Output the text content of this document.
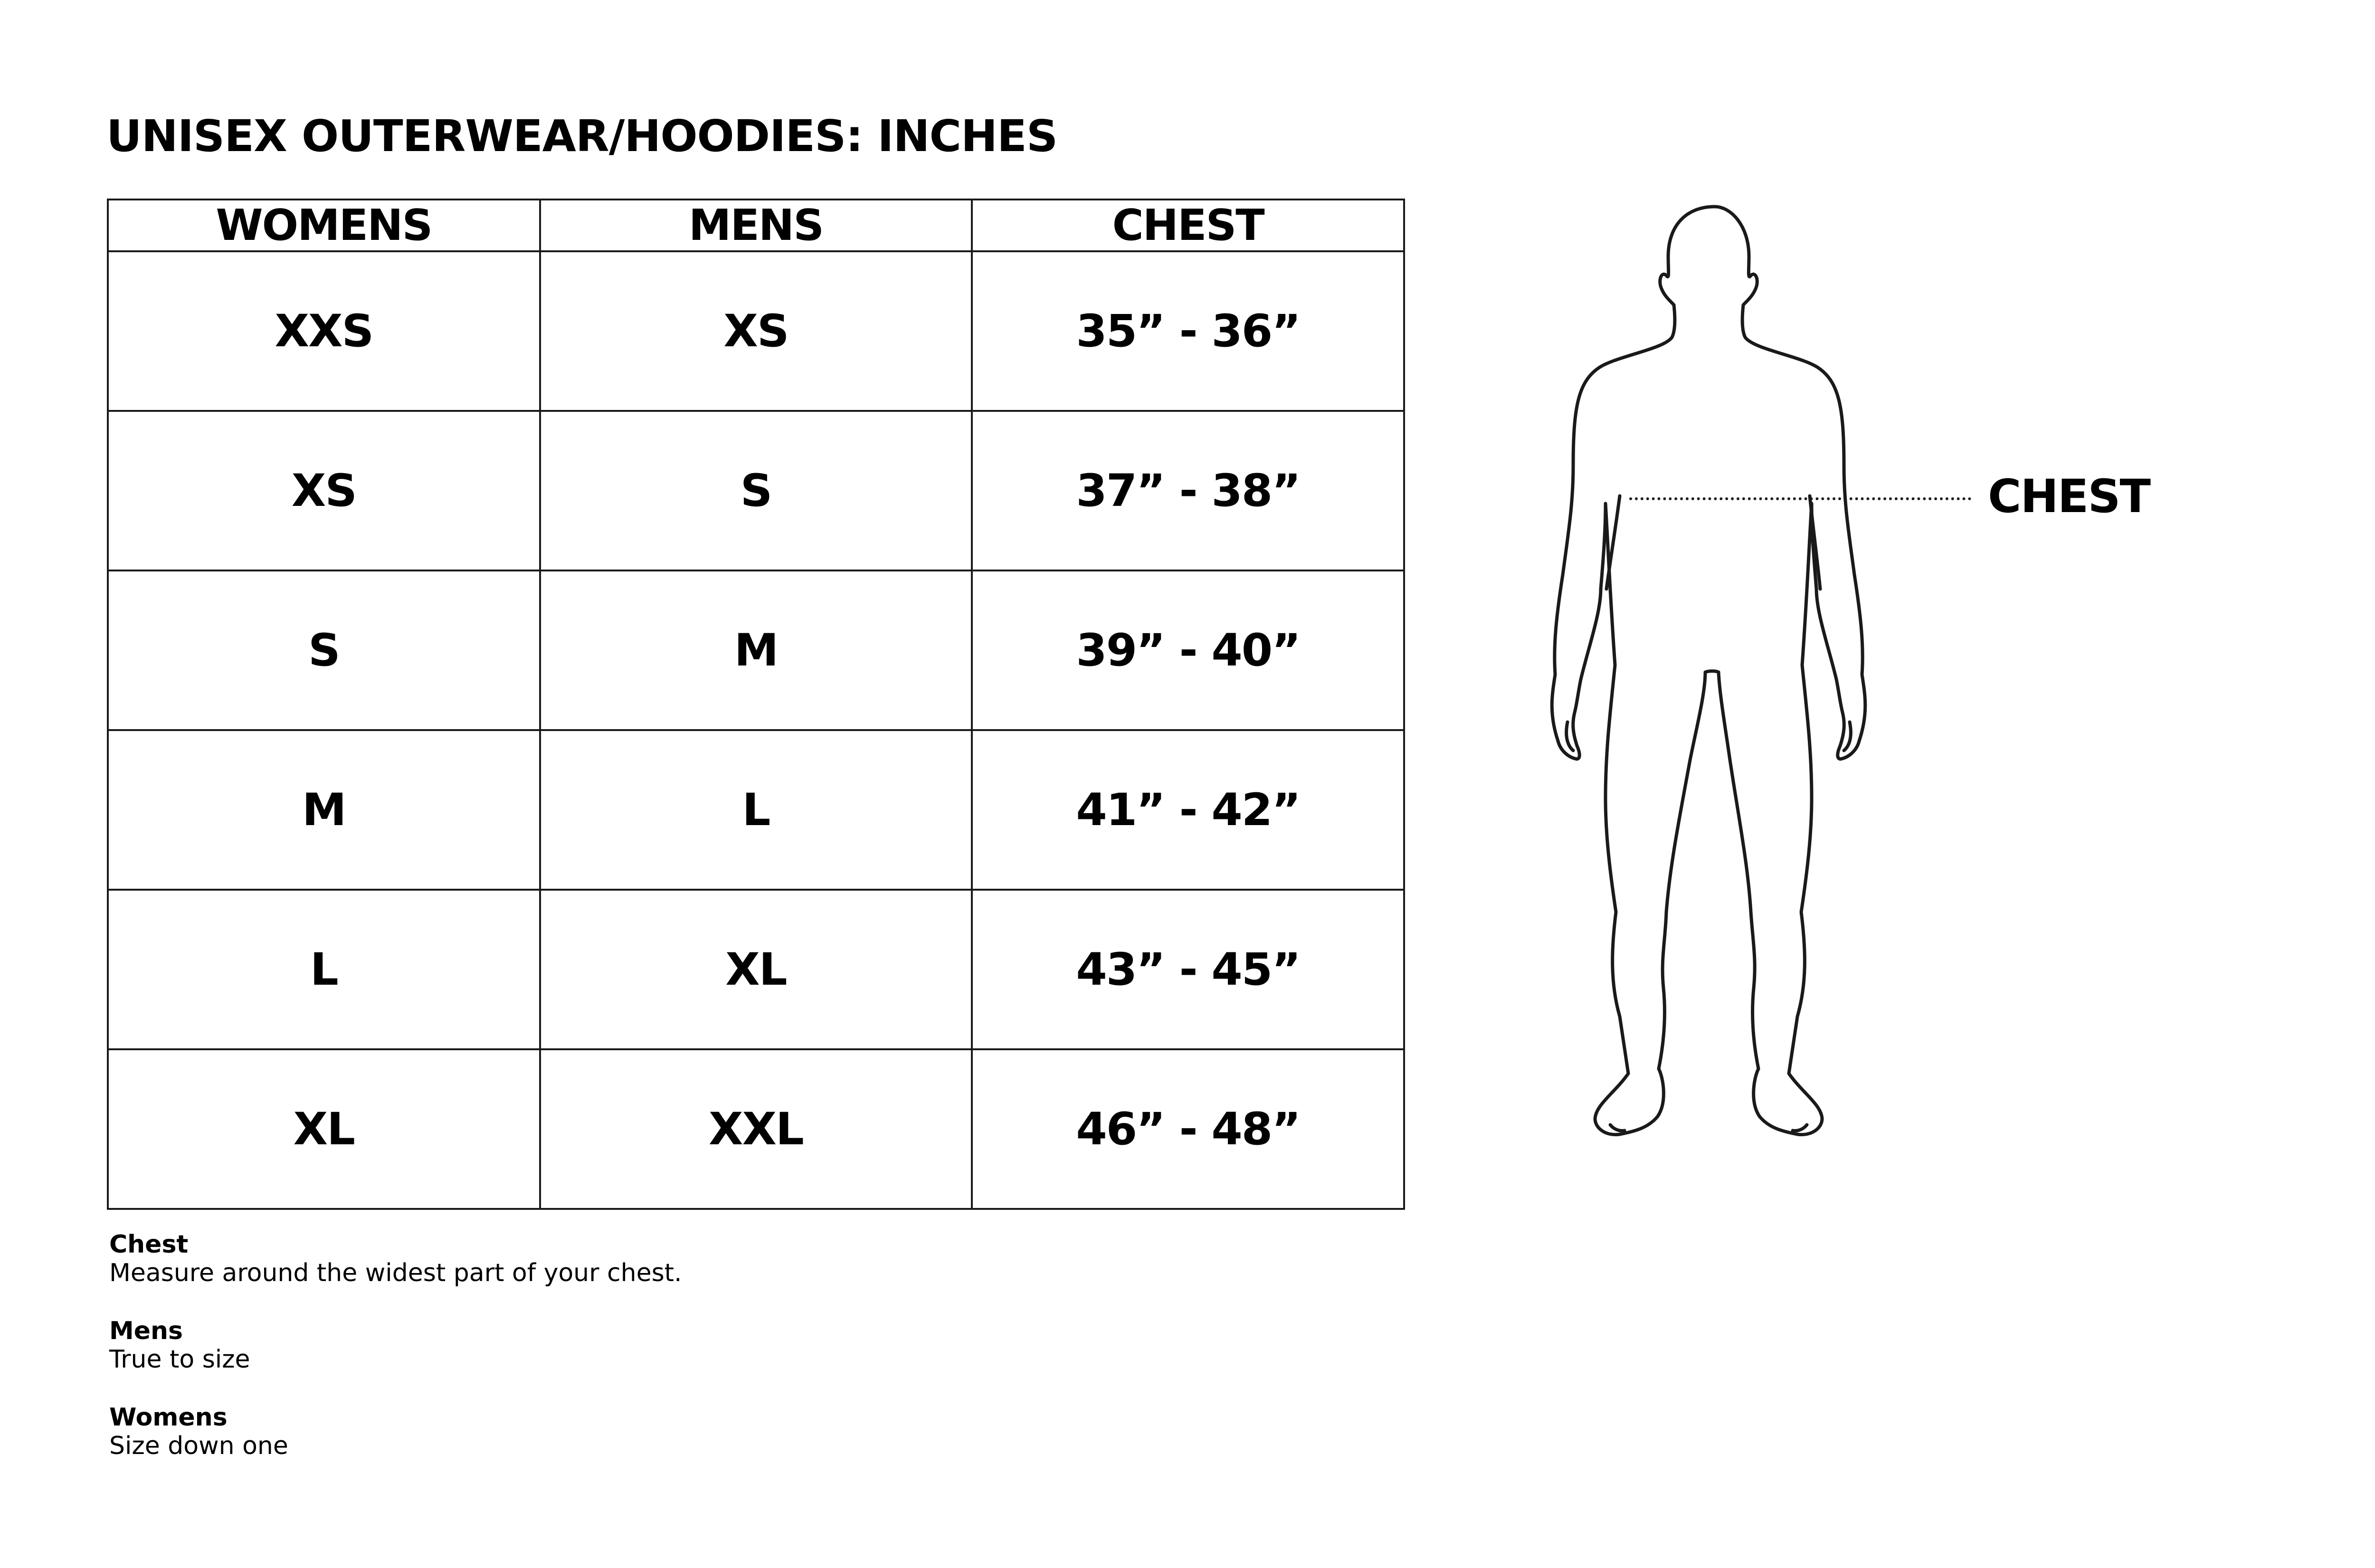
UNISEX OUTERWEAR/HOODIES: INCHES
WOMENS	MENS	CHEST
XXS	XS	35” - 36”
XS	S	37” - 38”
S	M	39” - 40”
M	L	41” - 42”
L	XL	43” - 45”
XL	XXL	46” - 48”
Chest
Measure around the widest part of your chest.
Mens
True to size
Womens
Size down one
CHEST
